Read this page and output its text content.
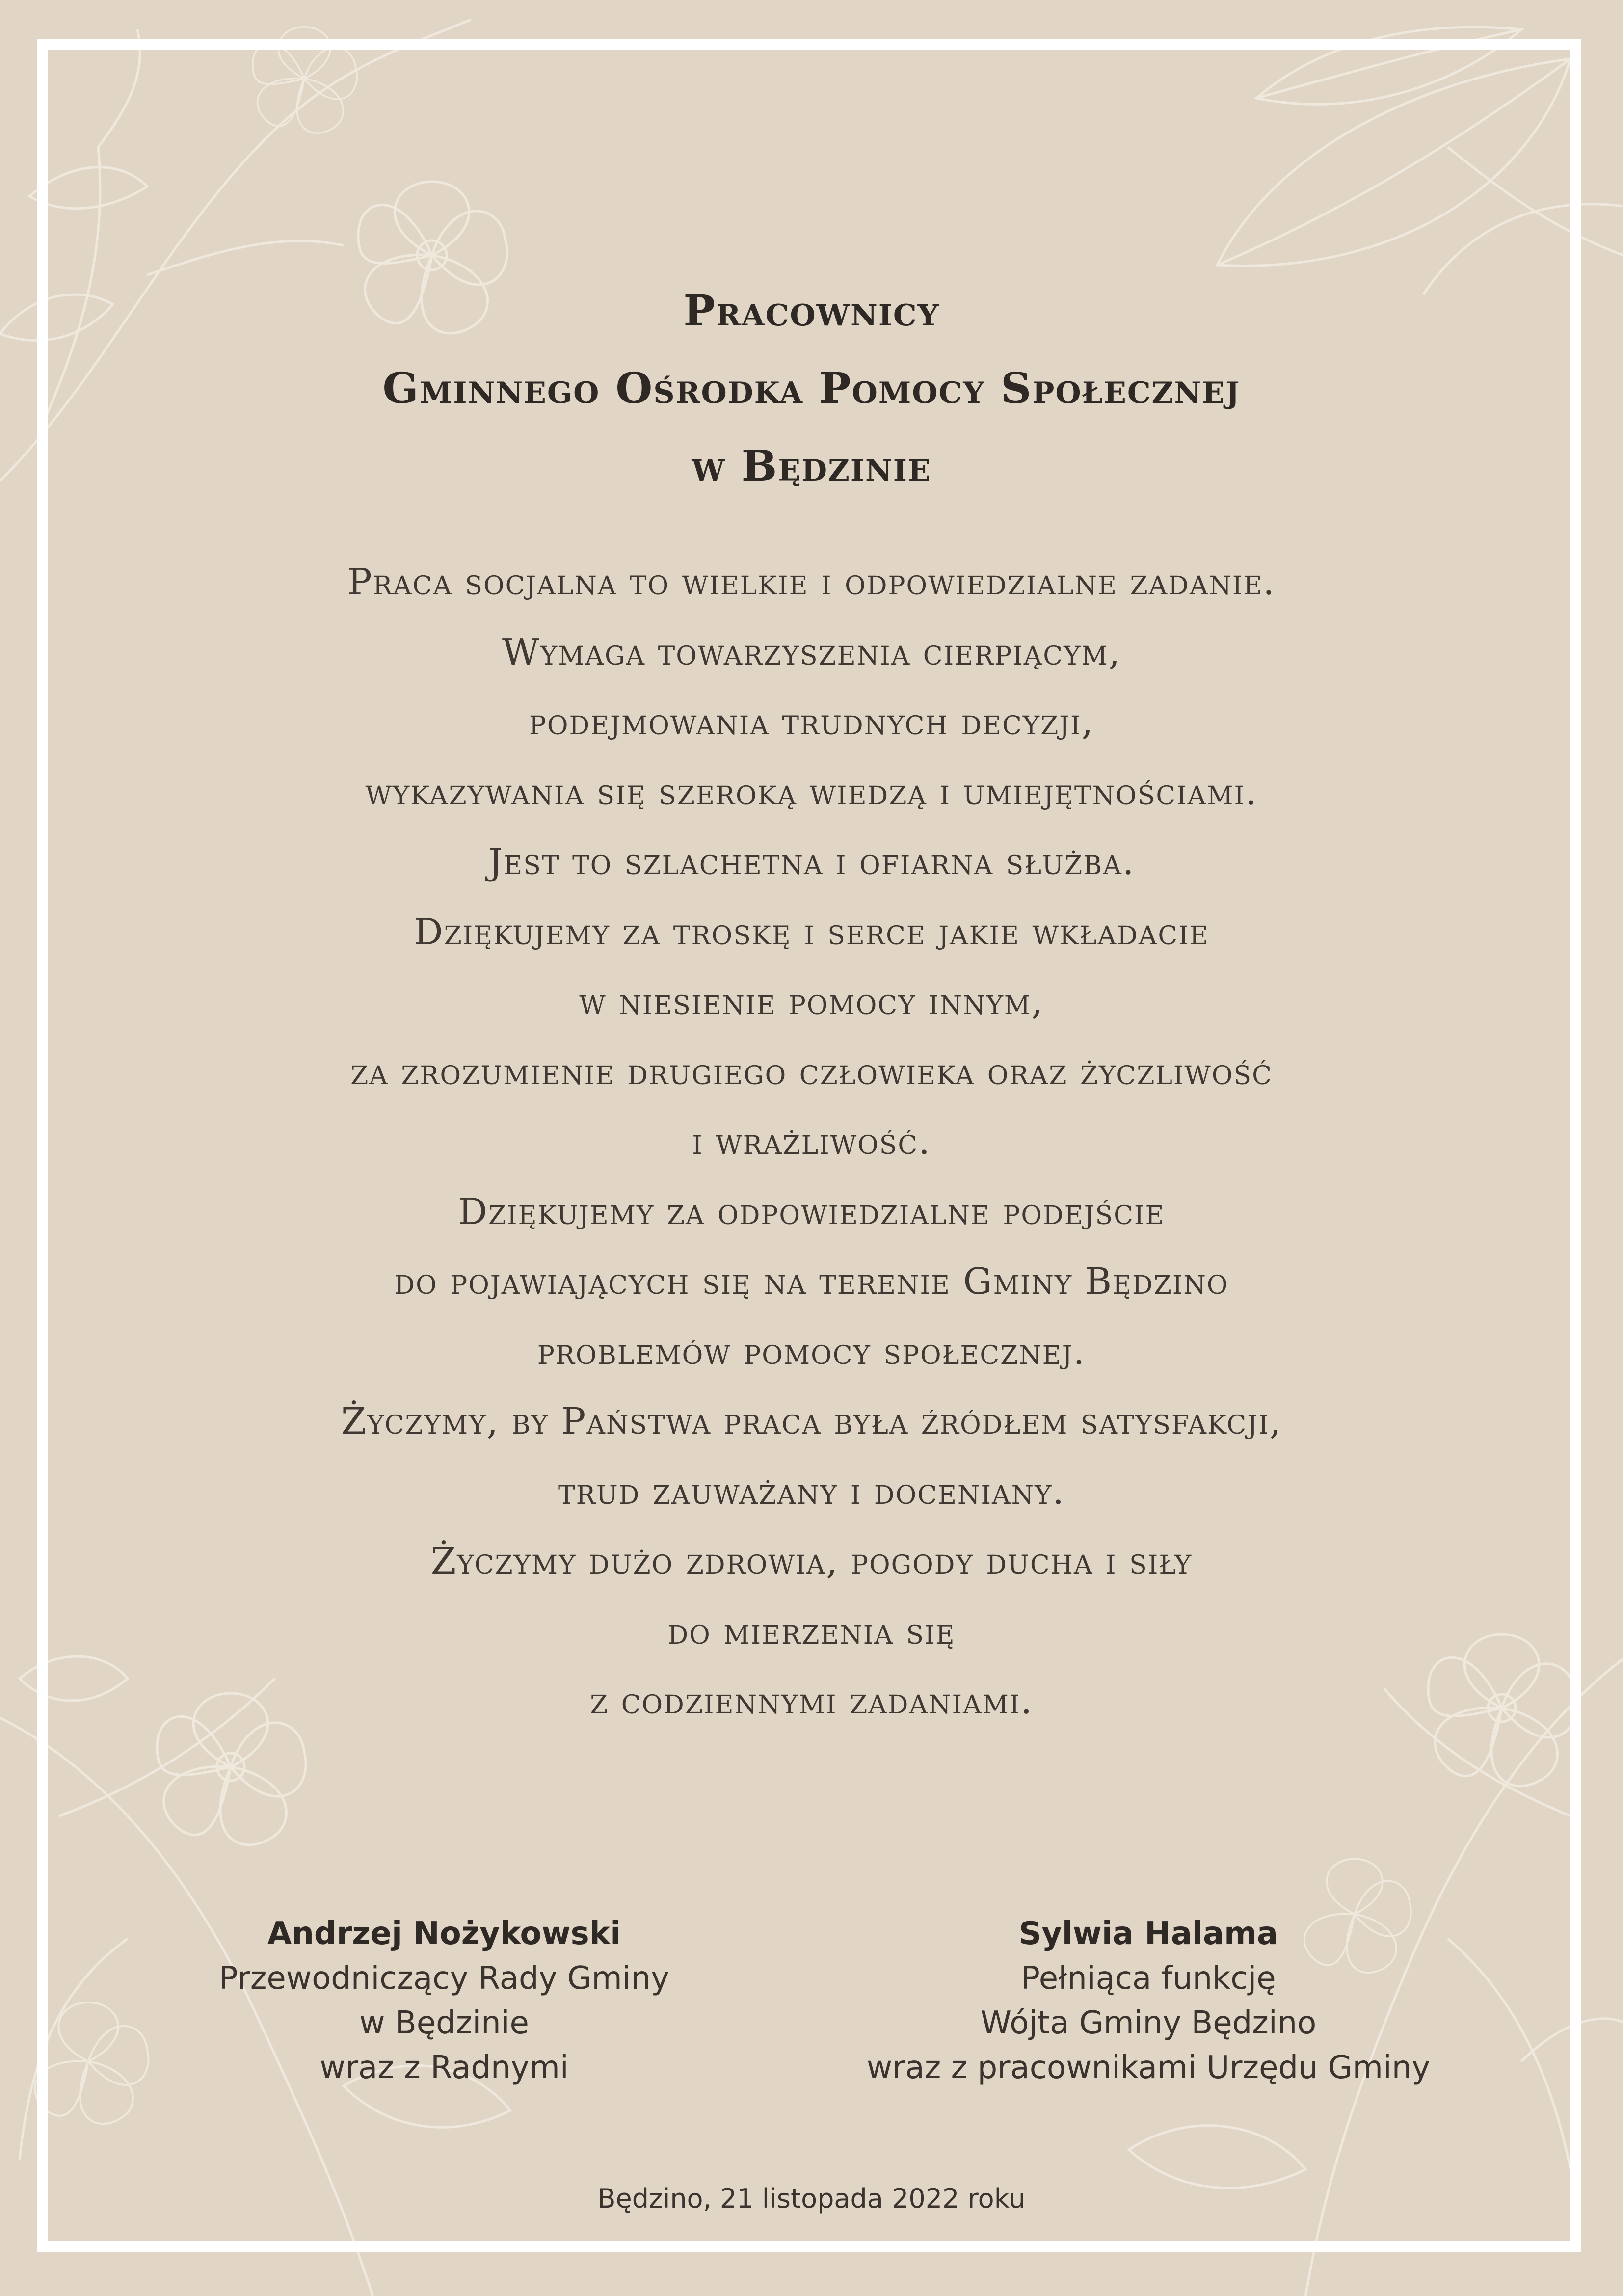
Pracownicy
Gminnego Ośrodka Pomocy Społecznej
w Będzinie
Praca socjalna to wielkie i odpowiedzialne zadanie.
Wymaga towarzyszenia cierpiącym,
podejmowania trudnych decyzji,
wykazywania się szeroką wiedzą i umiejętnościami.
Jest to szlachetna i ofiarna służba.
Dziękujemy za troskę i serce jakie wkładacie
w niesienie pomocy innym,
za zrozumienie drugiego człowieka oraz życzliwość
i wrażliwość.
Dziękujemy za odpowiedzialne podejście
do pojawiających się na terenie Gminy Będzino
problemów pomocy społecznej.
Życzymy, by Państwa praca była źródłem satysfakcji,
trud zauważany i doceniany.
Życzymy dużo zdrowia, pogody ducha i siły
do mierzenia się
z codziennymi zadaniami.
Andrzej Nożykowski
Przewodniczący Rady Gminy
w Będzinie
wraz z Radnymi
Sylwia Halama
Pełniąca funkcję
Wójta Gminy Będzino
wraz z pracownikami Urzędu Gminy
Będzino, 21 listopada 2022 roku
